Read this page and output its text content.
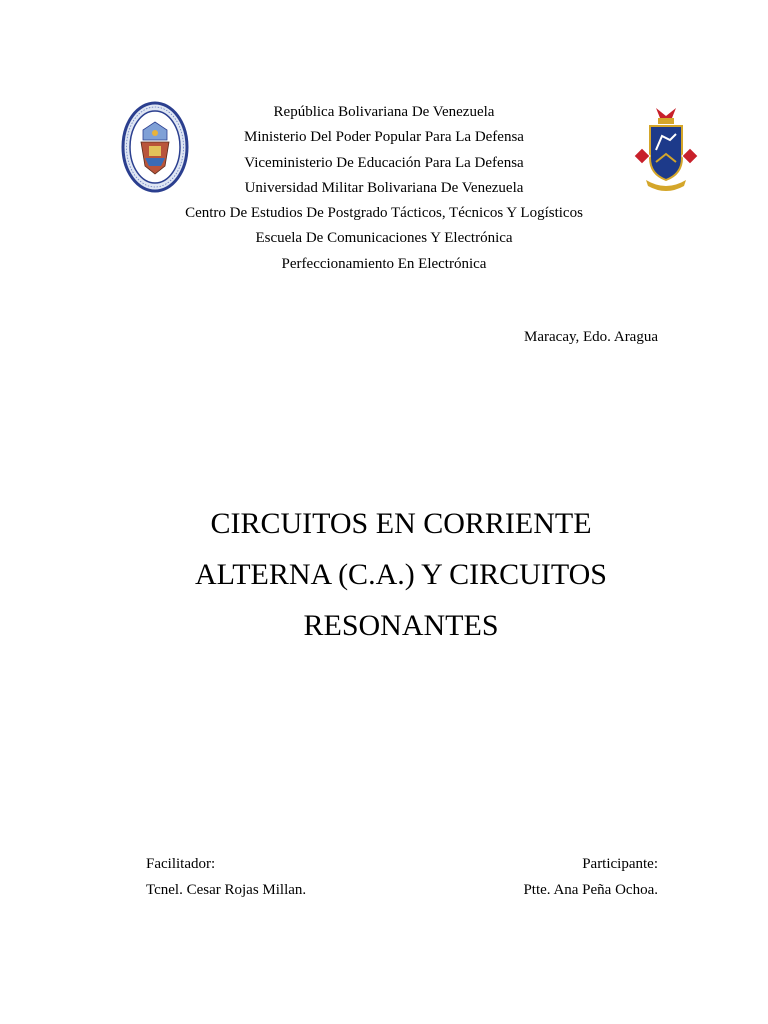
República Bolivariana De Venezuela
Ministerio Del Poder Popular Para La Defensa
Viceministerio De Educación Para La Defensa
Universidad Militar Bolivariana De Venezuela
Centro De Estudios De Postgrado Tácticos, Técnicos Y Logísticos
Escuela De Comunicaciones Y Electrónica
Perfeccionamiento En Electrónica
Maracay, Edo. Aragua
CIRCUITOS EN CORRIENTE
ALTERNA (C.A.) Y CIRCUITOS
RESONANTES
Facilitador:
Tcnel. Cesar Rojas Millan.
Participante:
Ptte. Ana Peña Ochoa.
